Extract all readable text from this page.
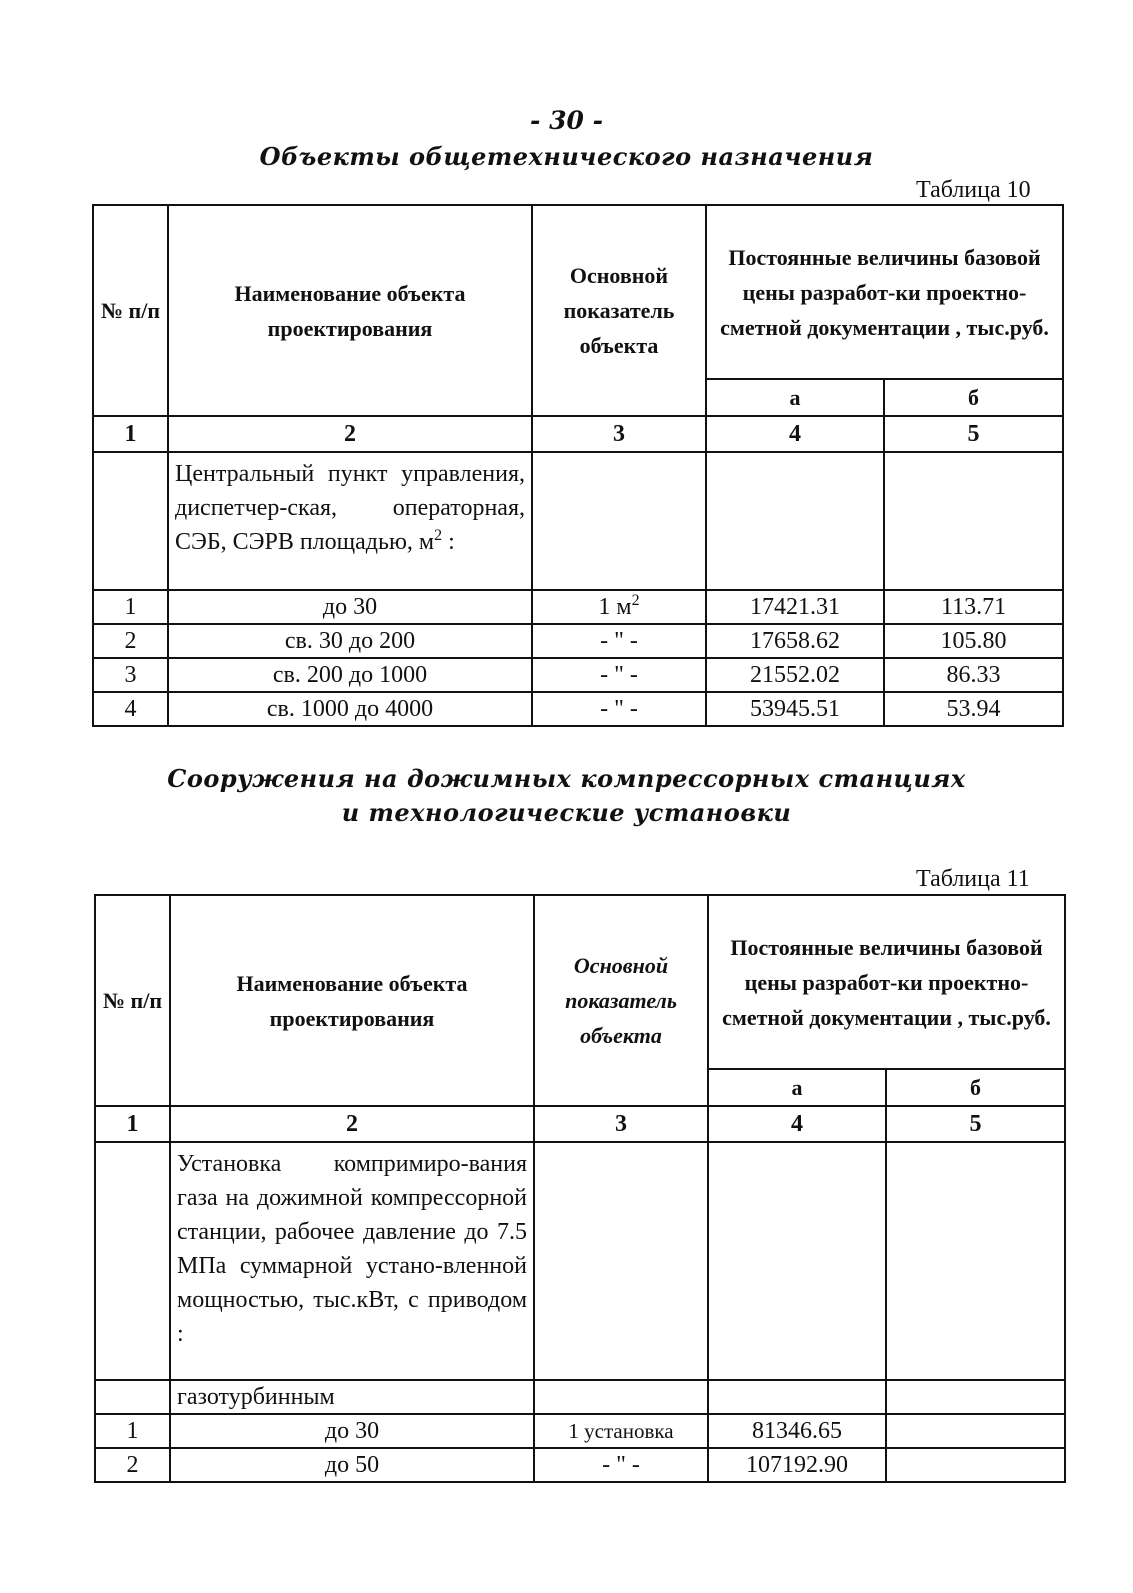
- 30 -
Объекты общетехнического назначения
Таблица 10
№ п/п	Наименование объекта проектирования	Основной показатель объекта	Постоянные величины базовой цены разработ-ки проектно-сметной документации , тыс.руб.	
			а	б
1	2	3	4	5
	Центральный пункт управления, диспетчер-ская, операторная, СЭБ, СЭРВ площадью, $м^2$ :			
1	до 30	1 $м^2$	17421.31	113.71
2	св. 30 до 200	- " -	17658.62	105.80
3	св. 200 до 1000	- " -	21552.02	86.33
4	св. 1000 до 4000	- " -	53945.51	53.94
Сооружения на дожимных компрессорных станциях
и технологические установки
Таблица 11
№ п/п	Наименование объекта проектирования	Основной показатель объекта	Постоянные величины базовой цены разработ-ки проектно-сметной документации , тыс.руб.	
			а	б
1	2	3	4	5
	Установка компримиро-вания газа на дожимной компрессорной станции, рабочее давление до 7.5 МПа суммарной устано-вленной мощностью, тыс.кВт, с приводом :			
	газотурбинным			
1	до 30	1 установка	81346.65	
2	до 50	- " -	107192.90	
